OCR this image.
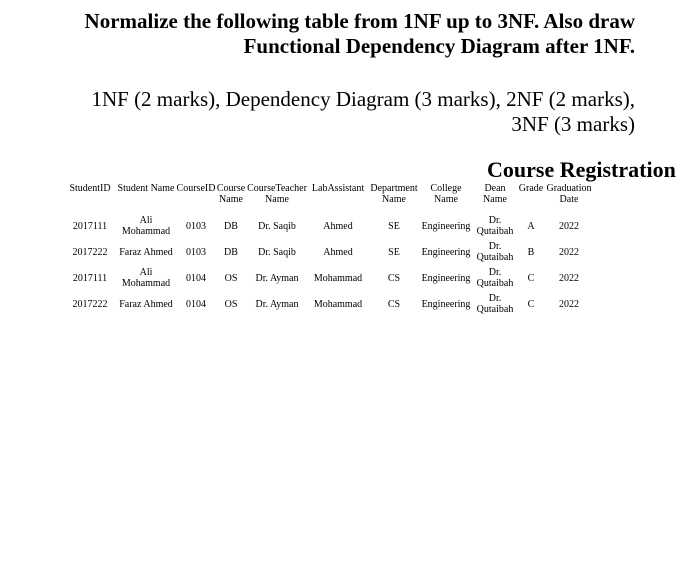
Normalize the following table from 1NF up to 3NF. Also draw
Functional Dependency Diagram after 1NF.
1NF (2 marks), Dependency Diagram (3 marks), 2NF (2 marks),
3NF (3 marks)
Course Registration
StudentID	Student Name	CourseID	Course Name	CourseTeacher Name	LabAssistant	Department Name	College Name	Dean Name	Grade	Graduation Date
2017111	Ali Mohammad	0103	DB	Dr. Saqib	Ahmed	SE	Engineering	Dr. Qutaibah	A	2022
2017222	Faraz Ahmed	0103	DB	Dr. Saqib	Ahmed	SE	Engineering	Dr. Qutaibah	B	2022
2017111	Ali Mohammad	0104	OS	Dr. Ayman	Mohammad	CS	Engineering	Dr. Qutaibah	C	2022
2017222	Faraz Ahmed	0104	OS	Dr. Ayman	Mohammad	CS	Engineering	Dr. Qutaibah	C	2022
